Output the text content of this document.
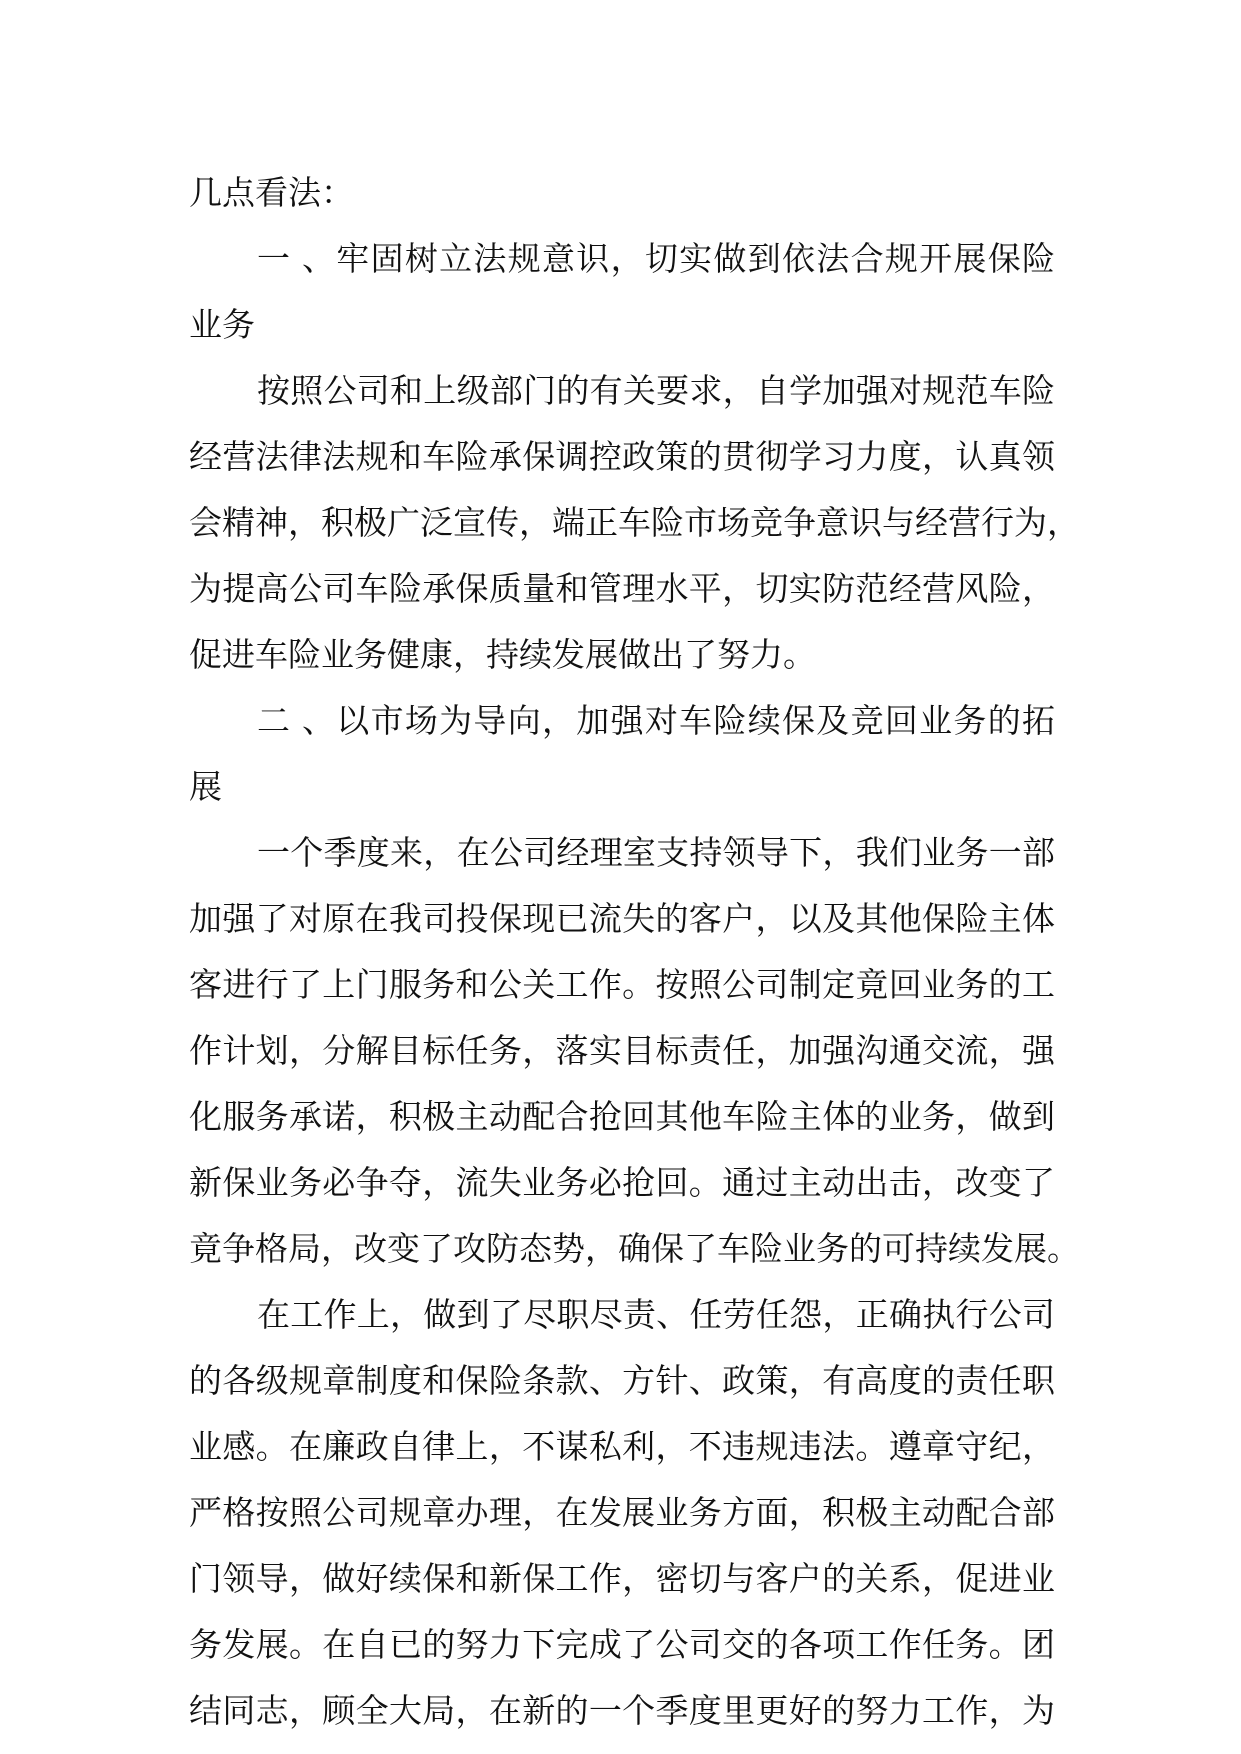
几点看法：
一、牢固树立法规意识，切实做到依法合规开展保险
业务
按照公司和上级部门的有关要求，自学加强对规范车险
经营法律法规和车险承保调控政策的贯彻学习力度，认真领
会精神，积极广泛宣传，端正车险市场竞争意识与经营行为，
为提高公司车险承保质量和管理水平，切实防范经营风险，
促进车险业务健康，持续发展做出了努力。
二、以市场为导向，加强对车险续保及竞回业务的拓
展
一个季度来，在公司经理室支持领导下，我们业务一部
加强了对原在我司投保现已流失的客户，以及其他保险主体
客进行了上门服务和公关工作。按照公司制定竟回业务的工
作计划，分解目标任务，落实目标责任，加强沟通交流，强
化服务承诺，积极主动配合抢回其他车险主体的业务，做到
新保业务必争夺，流失业务必抢回。通过主动出击，改变了
竟争格局，改变了攻防态势，确保了车险业务的可持续发展。
在工作上，做到了尽职尽责、任劳任怨，正确执行公司
的各级规章制度和保险条款、方针、政策，有高度的责任职
业感。在廉政自律上，不谋私利，不违规违法。遵章守纪，
严格按照公司规章办理，在发展业务方面，积极主动配合部
门领导，做好续保和新保工作，密切与客户的关系，促进业
务发展。在自已的努力下完成了公司交的各项工作任务。团
结同志，顾全大局，在新的一个季度里更好的努力工作，为
